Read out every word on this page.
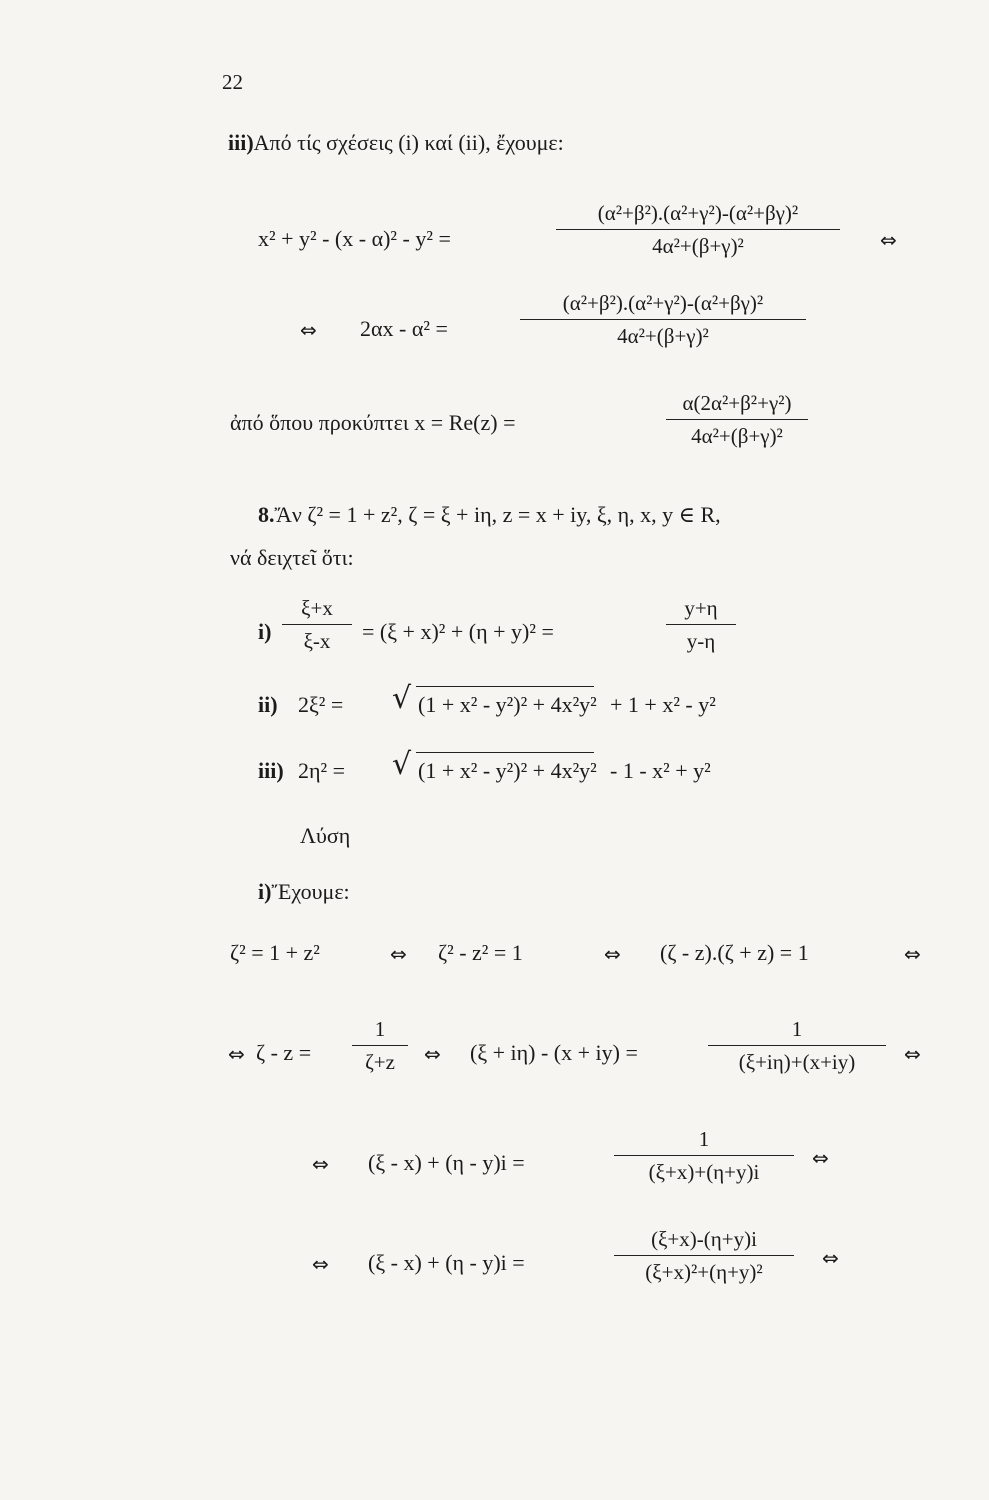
22
iii)Από τίς σχέσεις (i) καί (ii), ἔχουμε:
x² + y² - (x - α)² - y² =	$\frac{\text{(α²+β²).(α²+γ²)-(α²+βγ)²}}{\text{4α²+(β+γ)²}}$ ⇔
⇔ 2αx - α² =	$\frac{\text{(α²+β²).(α²+γ²)-(α²+βγ)²}}{\text{4α²+(β+γ)²}}$
ἀπό ὅπου προκύπτει x = Re(z) =	$\frac{\text{α(2α²+β²+γ²)}}{\text{4α²+(β+γ)²}}$
8.Ἄν ζ² = 1 + z², ζ = ξ + iη, z = x + iy, ξ, η, x, y ∈ R,
νά δειχτεῖ ὅτι:
$i) \frac{\xi+x}{\xi-x} = (\xi + x)^2 + (\eta + y)^2$ =	$\frac{y+\eta}{y-\eta}$
ii) 2ξ² = √ (1 + x² - y²)² + 4x²y² + 1 + x² - y²
iii) 2η² = √ (1 + x² - y²)² + 4x²y² - 1 - x² + y²
Λύση
i)Ἔχουμε:
ζ² = 1 + z²	⇔ ζ² - z² = 1	⇔ (ζ - z).(ζ + z) = 1	⇔
⇔ $\zeta - z = \frac{1}{\zeta+z}$ ⇔ (ξ + iη) - (x + iy) =	$\frac{1}{(\xi+i\eta)+(x+iy)}$ ⇔
⇔ (ξ - x) + (η - y)i =	$\frac{1}{(\xi+x)+(\eta+y)i}$ ⇔
⇔ (ξ - x) + (η - y)i =	$\frac{(\xi+x)-(\eta+y)i}{\text{(ξ+x)²+(η+y)²}}$ ⇔
